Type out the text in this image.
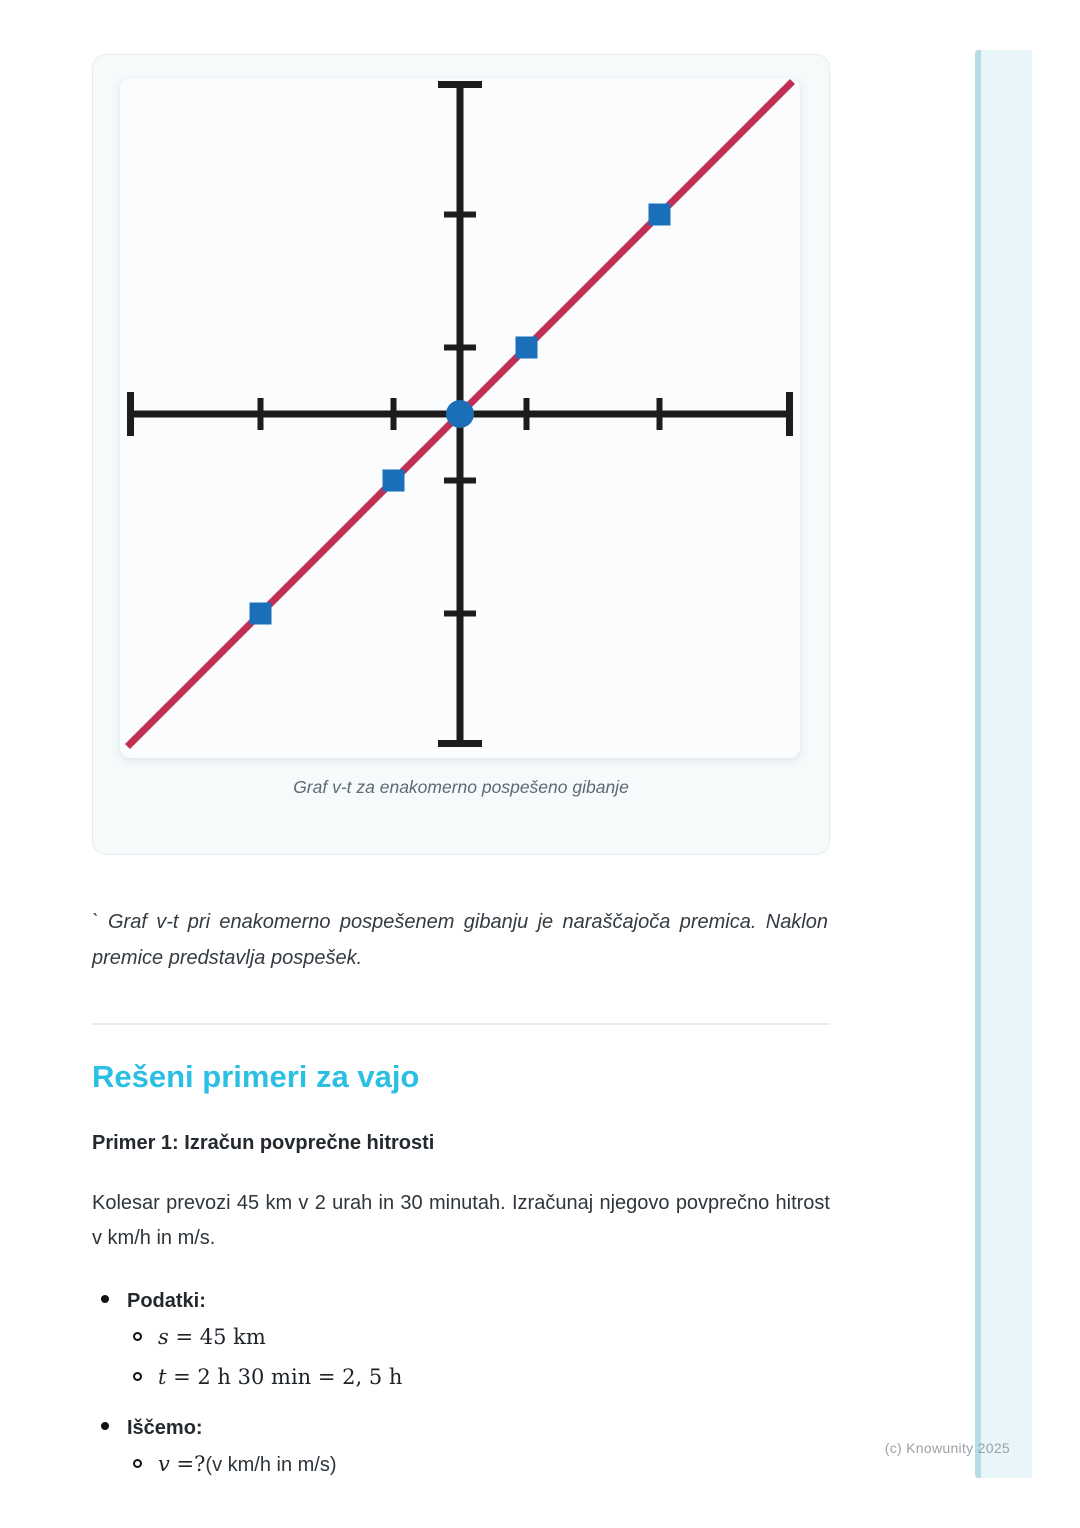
Graf v-t za enakomerno pospešeno gibanje

` Graf v-t pri enakomerno pospešenem gibanju je naraščajoča premica. Naklon premice predstavlja pospešek.

Rešeni primeri za vajo
Primer 1: Izračun povprečne hitrosti

Kolesar prevozi 45 km v 2 urah in 30 minutah. Izračunaj njegovo povprečno hitrost v km/h in m/s.

Podatki:
s = 45 km
t = 2 h 30 min = 2, 5 h
Iščemo:
v =? (v km/h in m/s)
(c) Knowunity 2025
